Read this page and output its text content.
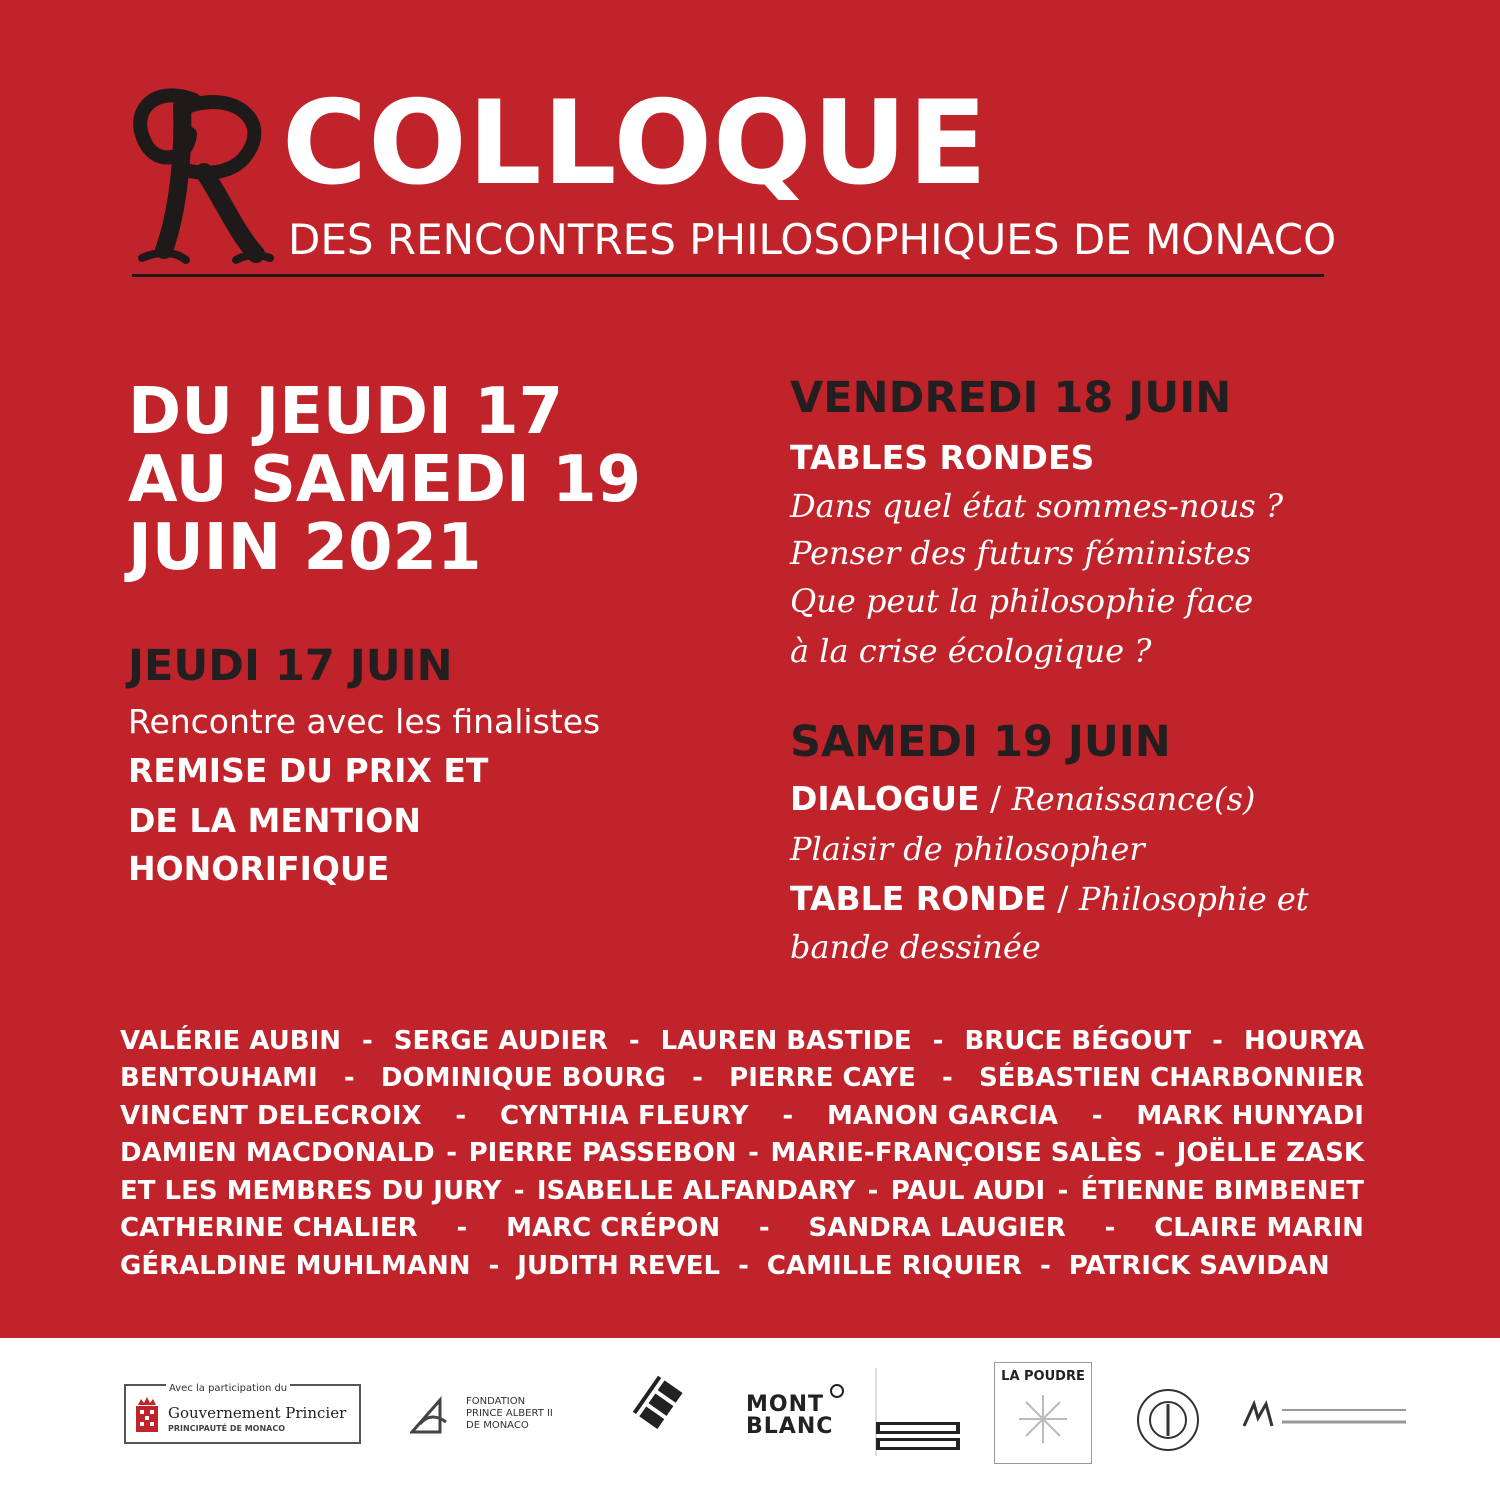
COLLOQUE

DES RENCONTRES PHILOSOPHIQUES DE MONACO

DU JEUDI 17
AU SAMEDI 19
JUIN 2021
JEUDI 17 JUIN
Rencontre avec les finalistes
REMISE DU PRIX ET
DE LA MENTION
HONORIFIQUE
VENDREDI 18 JUIN
TABLES RONDES
Dans quel état sommes-nous ?
Penser des futurs féministes
Que peut la philosophie face
à la crise écologique ?
SAMEDI 19 JUIN
DIALOGUE / Renaissance(s)
Plaisir de philosopher
TABLE RONDE / Philosophie et
bande dessinée
VALÉRIE AUBIN - SERGE AUDIER - LAUREN BASTIDE - BRUCE BÉGOUT - HOURYA
BENTOUHAMI - DOMINIQUE BOURG - PIERRE CAYE - SÉBASTIEN CHARBONNIER
VINCENT DELECROIX - CYNTHIA FLEURY - MANON GARCIA - MARK HUNYADI
DAMIEN MACDONALD - PIERRE PASSEBON - MARIE-FRANÇOISE SALÈS - JOËLLE ZASK
ET LES MEMBRES DU JURY - ISABELLE ALFANDARY - PAUL AUDI - ÉTIENNE BIMBENET
CATHERINE CHALIER - MARC CRÉPON - SANDRA LAUGIER - CLAIRE MARIN
GÉRALDINE MUHLMANN - JUDITH REVEL - CAMILLE RIQUIER - PATRICK SAVIDAN
Avec la participation du
Gouvernement Princier
PRINCIPAUTÉ DE MONACO
FONDATION
PRINCE ALBERT II
DE MONACO
MONT
BLANC
LA POUDRE
